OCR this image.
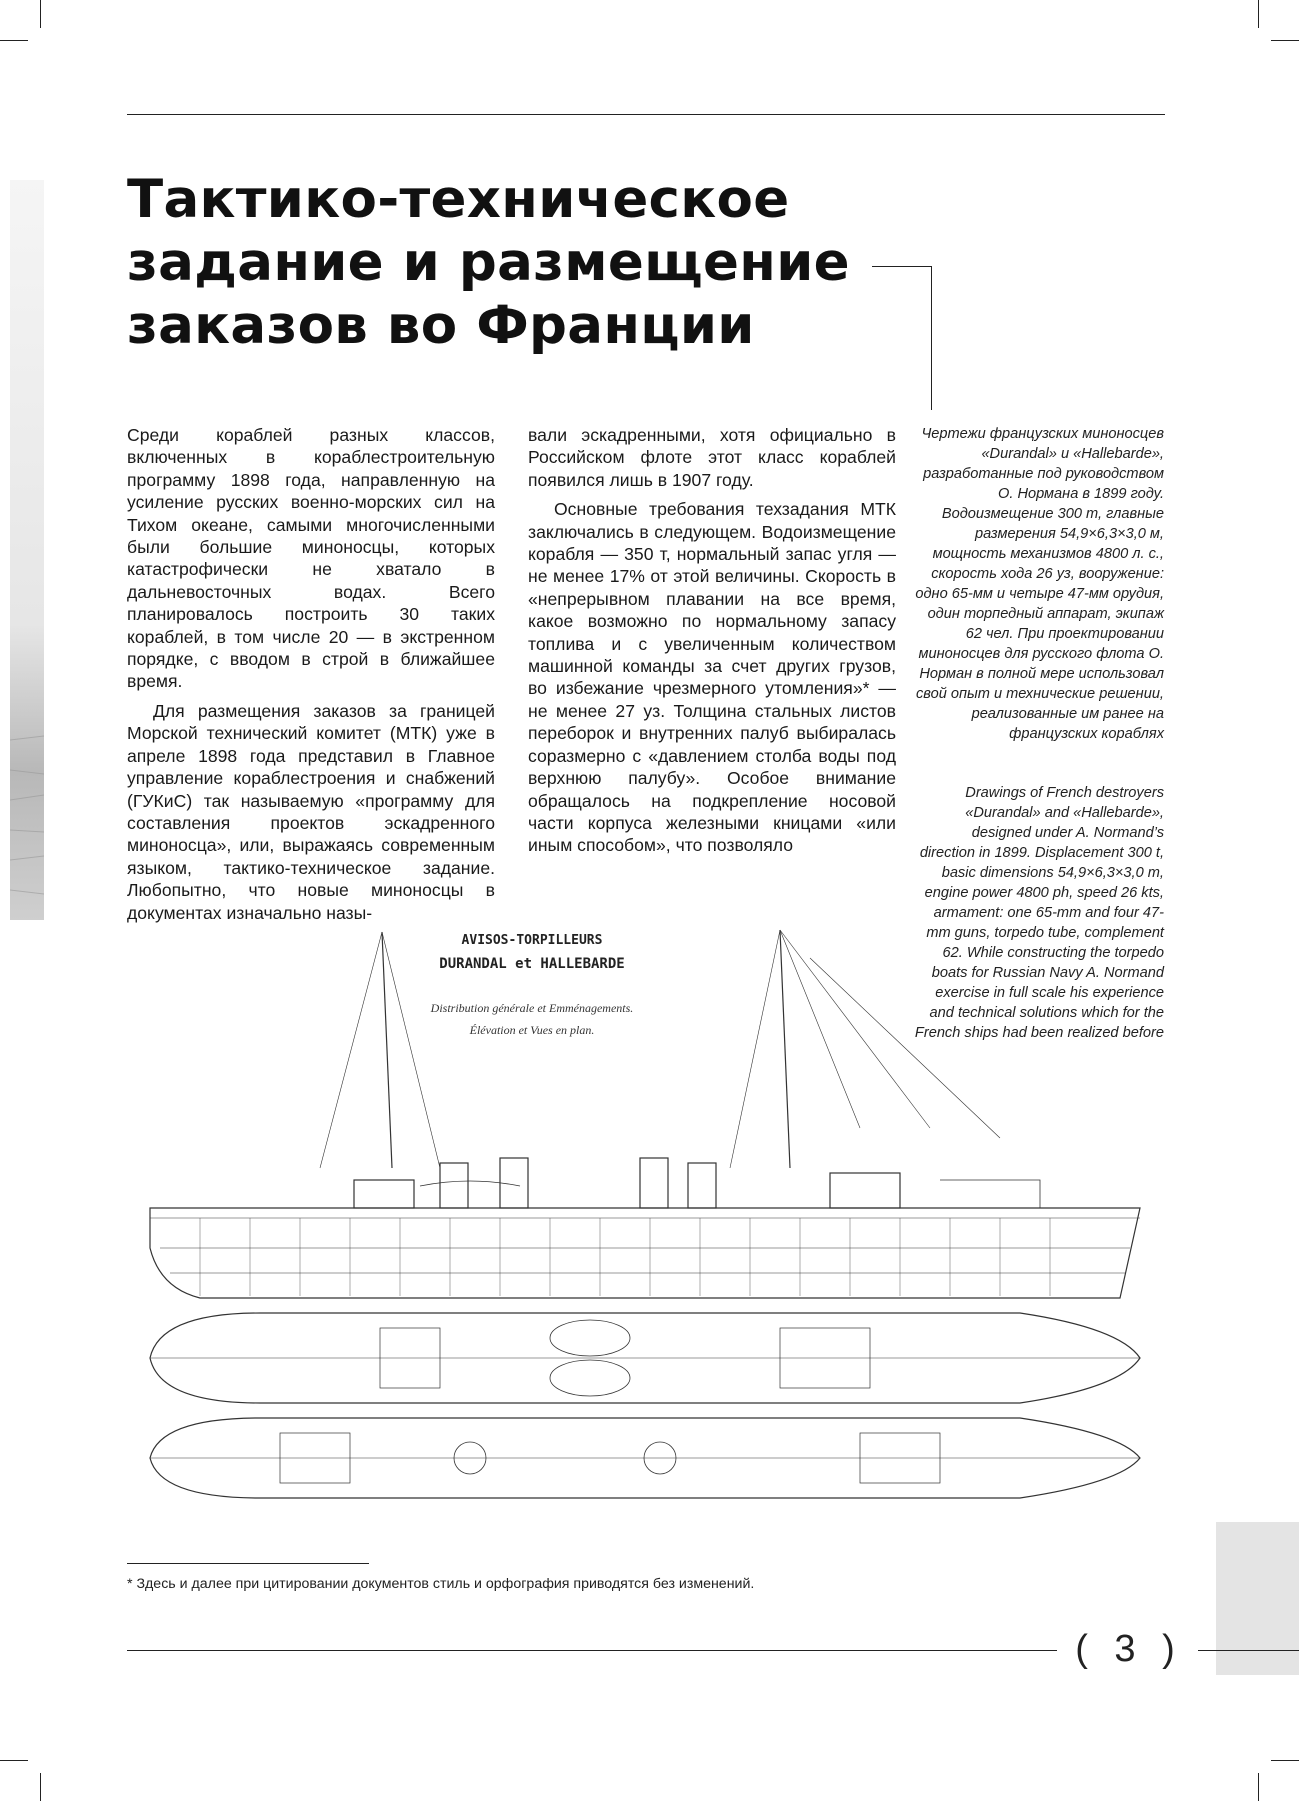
Тактико-техническое
задание и размещение
заказов во Франции

Среди кораблей разных классов, включенных в кораблестроительную программу 1898 года, направленную на усиление русских военно-морских сил на Тихом океане, самыми многочисленными были большие миноносцы, которых катастрофически не хватало в дальневосточных водах. Всего планировалось построить 30 таких кораблей, в том числе 20 — в экстренном порядке, с вводом в строй в ближайшее время.

Для размещения заказов за границей Морской технический комитет (МТК) уже в апреле 1898 года представил в Главное управление кораблестроения и снабжений (ГУКиС) так называемую «программу для составления проектов эскадренного миноносца», или, выражаясь современным языком, тактико-техническое задание. Любопытно, что новые миноносцы в документах изначально назы-

вали эскадренными, хотя официально в Российском флоте этот класс кораблей появился лишь в 1907 году.

Основные требования техзадания МТК заключались в следующем. Водоизмещение корабля — 350 т, нормальный запас угля — не менее 17% от этой величины. Скорость в «непрерывном плавании на все время, какое возможно по нормальному запасу топлива и с увеличенным количеством машинной команды за счет других грузов, во избежание чрезмерного утомления»* — не менее 27 уз. Толщина стальных листов переборок и внутренних палуб выбиралась соразмерно с «давлением столба воды под верхнюю палубу». Особое внимание обращалось на подкрепление носовой части корпуса железными кницами «или иным способом», что позволяло

Чертежи французских миноносцев «Durandal» и «Hallebarde», разработанные под руководством О. Нормана в 1899 году. Водоизмещение 300 т, главные размерения 54,9×6,3×3,0 м, мощность механизмов 4800 л. с., скорость хода 26 уз, вооружение: одно 65-мм и четыре 47-мм орудия, один торпедный аппарат, экипаж 62 чел. При проектировании миноносцев для русского флота О. Норман в полной мере использовал свой опыт и технические решении, реализованные им ранее на французских кораблях
Drawings of French destroyers «Durandal» and «Hallebarde», designed under A. Normand’s direction in 1899. Displacement 300 t, basic dimensions 54,9×6,3×3,0 m, engine power 4800 ph, speed 26 kts, armament: one 65-mm and four 47-mm guns, torpedo tube, complement 62. While constructing the torpedo boats for Russian Navy A. Normand exercise in full scale his experience and technical solutions which for the French ships had been realized before
AVISOS-TORPILLEURS
DURANDAL et HALLEBARDE
Distribution générale et Emménagements.
Élévation et Vues en plan.
* Здесь и далее при цитировании документов стиль и орфография приводятся без изменений.
( 3 )
